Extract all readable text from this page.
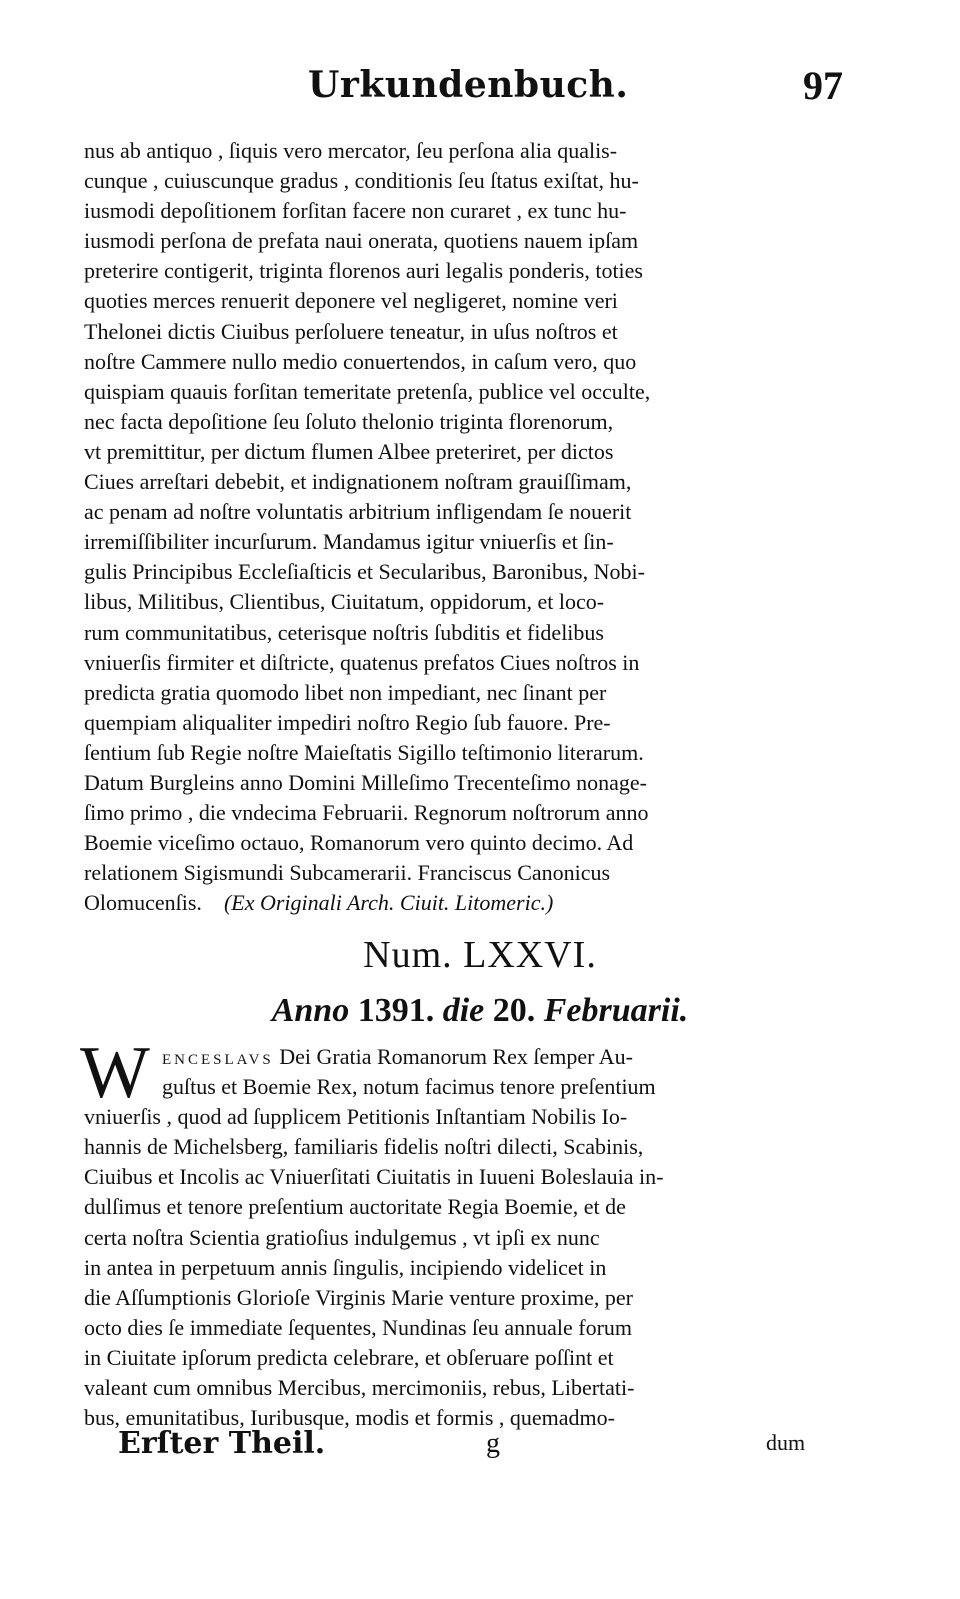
Urkundenbuch.	97
nus ab antiquo , ſiquis vero mercator, ſeu perſona alia qualis-
cunque , cuiuscunque gradus , conditionis ſeu ſtatus exiſtat, hu-
iusmodi depoſitionem forſitan facere non curaret , ex tunc hu-
iusmodi perſona de prefata naui onerata, quotiens nauem ipſam
preterire contigerit, triginta florenos auri legalis ponderis, toties
quoties merces renuerit deponere vel negligeret, nomine veri
Thelonei dictis Ciuibus perſoluere teneatur, in uſus noſtros et
noſtre Cammere nullo medio conuertendos, in caſum vero, quo
quispiam quauis forſitan temeritate pretenſa, publice vel occulte,
nec facta depoſitione ſeu ſoluto thelonio triginta florenorum,
vt premittitur, per dictum flumen Albee preteriret, per dictos
Ciues arreſtari debebit, et indignationem noſtram grauiſſimam,
ac penam ad noſtre voluntatis arbitrium infligendam ſe nouerit
irremiſſibiliter incurſurum. Mandamus igitur vniuerſis et ſin-
gulis Principibus Eccleſiaſticis et Secularibus, Baronibus, Nobi-
libus, Militibus, Clientibus, Ciuitatum, oppidorum, et loco-
rum communitatibus, ceterisque noſtris ſubditis et fidelibus
vniuerſis firmiter et diſtricte, quatenus prefatos Ciues noſtros in
predicta gratia quomodo libet non impediant, nec ſinant per
quempiam aliqualiter impediri noſtro Regio ſub fauore. Pre-
ſentium ſub Regie noſtre Maieſtatis Sigillo teſtimonio literarum.
Datum Burgleins anno Domini Milleſimo Trecenteſimo nonage-
ſimo primo , die vndecima Februarii. Regnorum noſtrorum anno
Boemie viceſimo octauo, Romanorum vero quinto decimo. Ad
relationem Sigismundi Subcamerarii. Franciscus Canonicus
Olomucenſis. (Ex Originali Arch. Ciuit. Litomeric.)
Num. LXXVI.
Anno 1391. die 20. Februarii.
W ENCESLAVS Dei Gratia Romanorum Rex ſemper Au-
guſtus et Boemie Rex, notum facimus tenore preſentium
vniuerſis , quod ad ſupplicem Petitionis Inſtantiam Nobilis Io-
hannis de Michelsberg, familiaris fidelis noſtri dilecti, Scabinis,
Ciuibus et Incolis ac Vniuerſitati Ciuitatis in Iuueni Boleslauia in-
dulſimus et tenore preſentium auctoritate Regia Boemie, et de
certa noſtra Scientia gratioſius indulgemus , vt ipſi ex nunc
in antea in perpetuum annis ſingulis, incipiendo videlicet in
die Aſſumptionis Glorioſe Virginis Marie venture proxime, per
octo dies ſe immediate ſequentes, Nundinas ſeu annuale forum
in Ciuitate ipſorum predicta celebrare, et obſeruare poſſint et
valeant cum omnibus Mercibus, mercimoniis, rebus, Libertati-
bus, emunitatibus, Iuribusque, modis et formis , quemadmo-
Erſter Theil.	g	dum
